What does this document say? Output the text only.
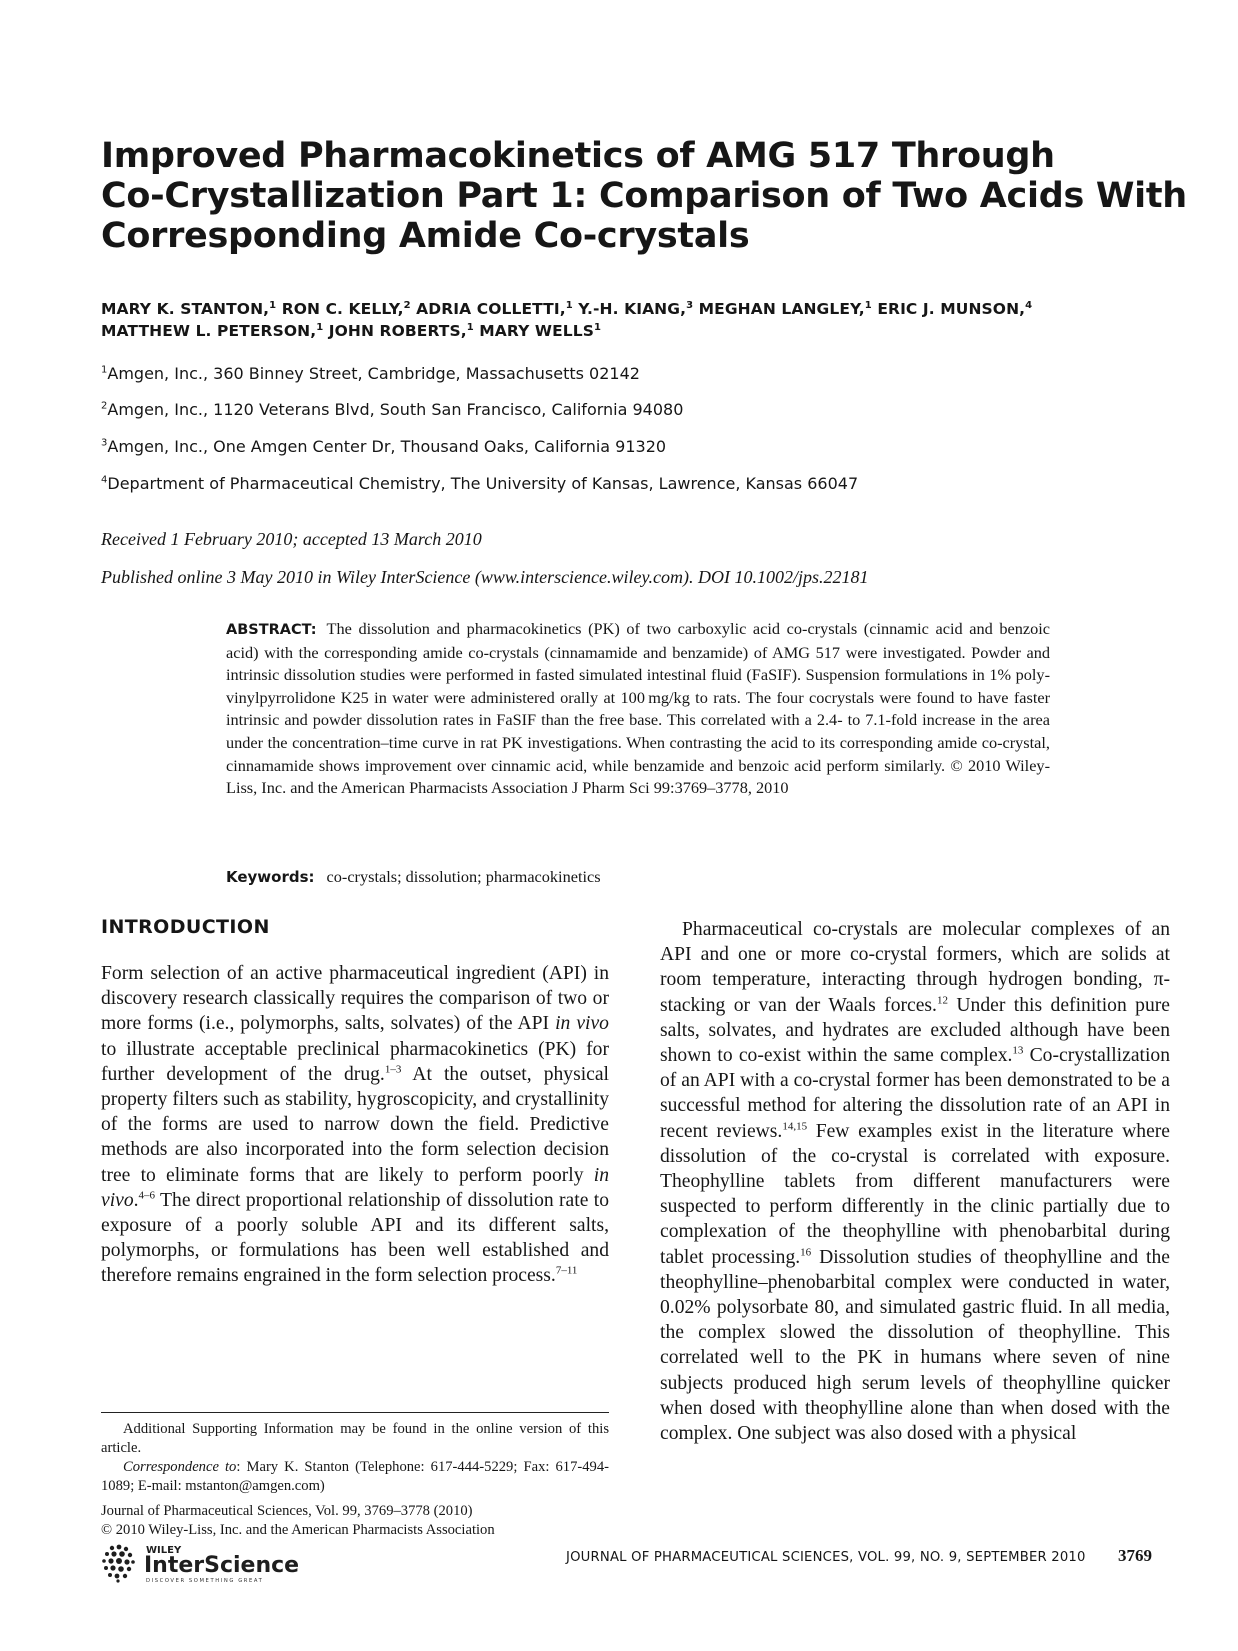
Improved Pharmacokinetics of AMG 517 Through
Co-Crystallization Part 1: Comparison of Two Acids With
Corresponding Amide Co-crystals
MARY K. STANTON,$^1$ RON C. KELLY,$^2$ ADRIA COLLETTI,$^1$ Y.-H. KIANG,$^3$ MEGHAN LANGLEY,$^1$ ERIC J. MUNSON,$^4$
MATTHEW L. PETERSON,$^1$ JOHN ROBERTS,$^1$ MARY WELLS$^1$
$^1$Amgen, Inc., 360 Binney Street, Cambridge, Massachusetts 02142
$^2$Amgen, Inc., 1120 Veterans Blvd, South San Francisco, California 94080
$^3$Amgen, Inc., One Amgen Center Dr, Thousand Oaks, California 91320
$^4$Department of Pharmaceutical Chemistry, The University of Kansas, Lawrence, Kansas 66047
Received 1 February 2010; accepted 13 March 2010
Published online 3 May 2010 in Wiley InterScience (www.interscience.wiley.com). DOI 10.1002/jps.22181
ABSTRACT: The dissolution and pharmacokinetics (PK) of two carboxylic acid co-crystals (cinnamic acid and benzoic acid) with the corresponding amide co-crystals (cinnamamide and benzamide) of AMG 517 were investigated. Powder and intrinsic dissolution studies were performed in fasted simulated intestinal fluid (FaSIF). Suspension formulations in 1% polyvinylpyrrolidone K25 in water were administered orally at 100 mg/kg to rats. The four cocrystals were found to have faster intrinsic and powder dissolution rates in FaSIF than the free base. This correlated with a 2.4- to 7.1-fold increase in the area under the concentration–time curve in rat PK investigations. When contrasting the acid to its corresponding amide co-crystal, cinnamamide shows improvement over cinnamic acid, while benzamide and benzoic acid perform similarly. © 2010 Wiley-Liss, Inc. and the American Pharmacists Association J Pharm Sci 99:3769–3778, 2010
Keywords: co-crystals; dissolution; pharmacokinetics
INTRODUCTION
Form selection of an active pharmaceutical ingredient (API) in discovery research classically requires the comparison of two or more forms (i.e., polymorphs, salts, solvates) of the API in vivo to illustrate acceptable preclinical pharmacokinetics (PK) for further development of the drug.$^{1-3}$ At the outset, physical property filters such as stability, hygroscopicity, and crystallinity of the forms are used to narrow down the field. Predictive methods are also incorporated into the form selection decision tree to eliminate forms that are likely to perform poorly in vivo.$^{4-6}$ The direct proportional relationship of dissolution rate to exposure of a poorly soluble API and its different salts, polymorphs, or formulations has been well established and therefore remains engrained in the form selection process.$^{7-11}$
Pharmaceutical co-crystals are molecular complexes of an API and one or more co-crystal formers, which are solids at room temperature, interacting through hydrogen bonding, π-stacking or van der Waals forces.$^{12}$ Under this definition pure salts, solvates, and hydrates are excluded although have been shown to co-exist within the same complex.$^{13}$ Co-crystallization of an API with a co-crystal former has been demonstrated to be a successful method for altering the dissolution rate of an API in recent reviews.$^{14,15}$ Few examples exist in the literature where dissolution of the co-crystal is correlated with exposure. Theophylline tablets from different manufacturers were suspected to perform differently in the clinic partially due to complexation of the theophylline with phenobarbital during tablet processing.$^{16}$ Dissolution studies of theophylline and the theophylline–phenobarbital complex were conducted in water, 0.02% polysorbate 80, and simulated gastric fluid. In all media, the complex slowed the dissolution of theophylline. This correlated well to the PK in humans where seven of nine subjects produced high serum levels of theophylline quicker when dosed with theophylline alone than when dosed with the complex. One subject was also dosed with a physical

Additional Supporting Information may be found in the online version of this article.

Correspondence to: Mary K. Stanton (Telephone: 617-444-5229; Fax: 617-494-1089; E-mail: mstanton@amgen.com)

Journal of Pharmaceutical Sciences, Vol. 99, 3769–3778 (2010)

© 2010 Wiley-Liss, Inc. and the American Pharmacists Association

WILEY
InterScience
DISCOVER SOMETHING GREAT
JOURNAL OF PHARMACEUTICAL SCIENCES, VOL. 99, NO. 9, SEPTEMBER 2010 3769
